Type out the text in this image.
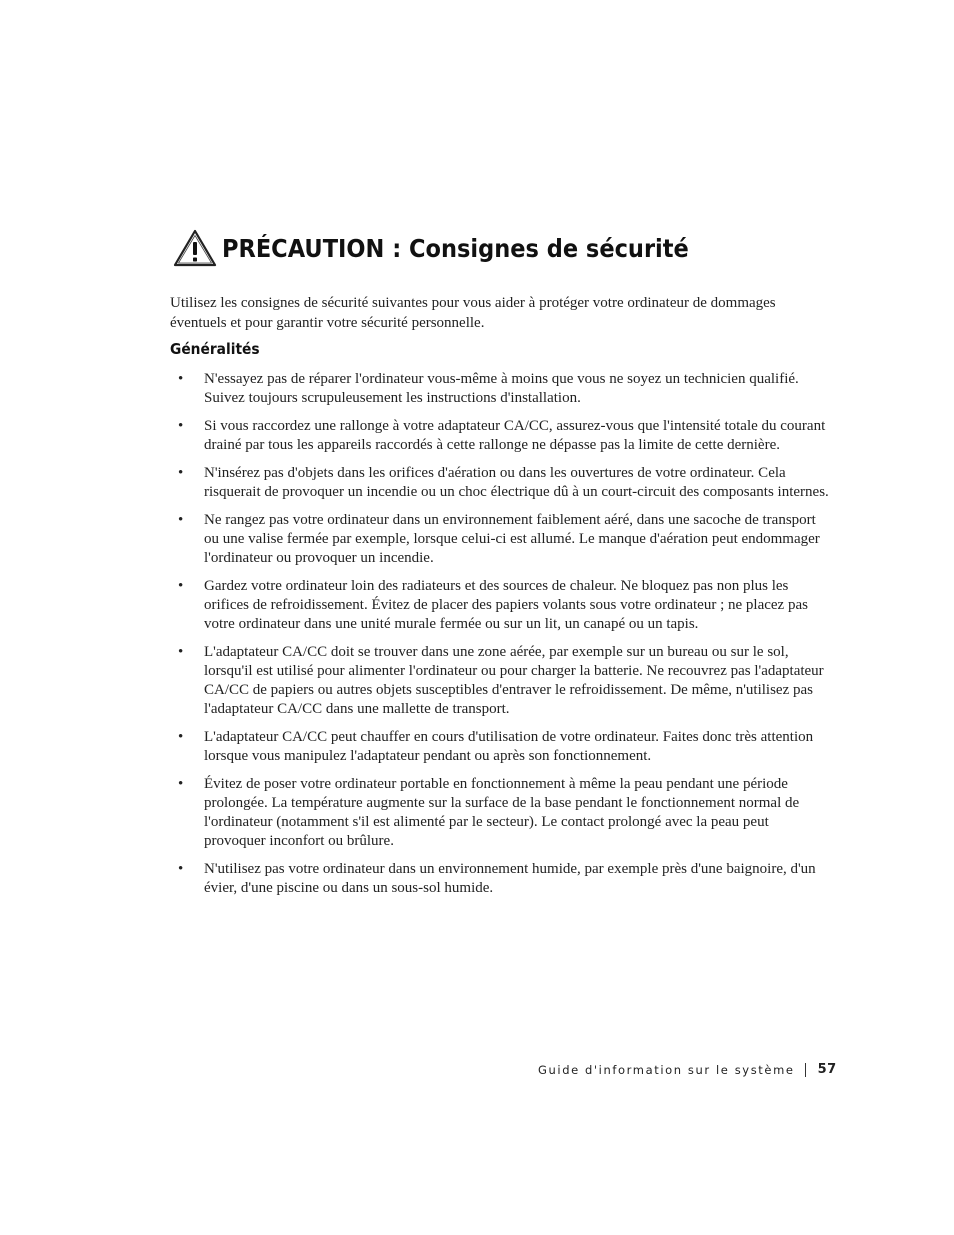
PRÉCAUTION : Consignes de sécurité

Utilisez les consignes de sécurité suivantes pour vous aider à protéger votre ordinateur de dommages éventuels et pour garantir votre sécurité personnelle.

Généralités
• N'essayez pas de réparer l'ordinateur vous-même à moins que vous ne soyez un technicien qualifié. Suivez toujours scrupuleusement les instructions d'installation.
• Si vous raccordez une rallonge à votre adaptateur CA/CC, assurez-vous que l'intensité totale du courant drainé par tous les appareils raccordés à cette rallonge ne dépasse pas la limite de cette dernière.
• N'insérez pas d'objets dans les orifices d'aération ou dans les ouvertures de votre ordinateur. Cela risquerait de provoquer un incendie ou un choc électrique dû à un court-circuit des composants internes.
• Ne rangez pas votre ordinateur dans un environnement faiblement aéré, dans une sacoche de transport ou une valise fermée par exemple, lorsque celui-ci est allumé. Le manque d'aération peut endommager l'ordinateur ou provoquer un incendie.
• Gardez votre ordinateur loin des radiateurs et des sources de chaleur. Ne bloquez pas non plus les orifices de refroidissement. Évitez de placer des papiers volants sous votre ordinateur ; ne placez pas votre ordinateur dans une unité murale fermée ou sur un lit, un canapé ou un tapis.
• L'adaptateur CA/CC doit se trouver dans une zone aérée, par exemple sur un bureau ou sur le sol, lorsqu'il est utilisé pour alimenter l'ordinateur ou pour charger la batterie. Ne recouvrez pas l'adaptateur CA/CC de papiers ou autres objets susceptibles d'entraver le refroidissement. De même, n'utilisez pas l'adaptateur CA/CC dans une mallette de transport.
• L'adaptateur CA/CC peut chauffer en cours d'utilisation de votre ordinateur. Faites donc très attention lorsque vous manipulez l'adaptateur pendant ou après son fonctionnement.
• Évitez de poser votre ordinateur portable en fonctionnement à même la peau pendant une période prolongée. La température augmente sur la surface de la base pendant le fonctionnement normal de l'ordinateur (notamment s'il est alimenté par le secteur). Le contact prolongé avec la peau peut provoquer inconfort ou brûlure.
• N'utilisez pas votre ordinateur dans un environnement humide, par exemple près d'une baignoire, d'un évier, d'une piscine ou dans un sous-sol humide.
Guide d'information sur le système 57
